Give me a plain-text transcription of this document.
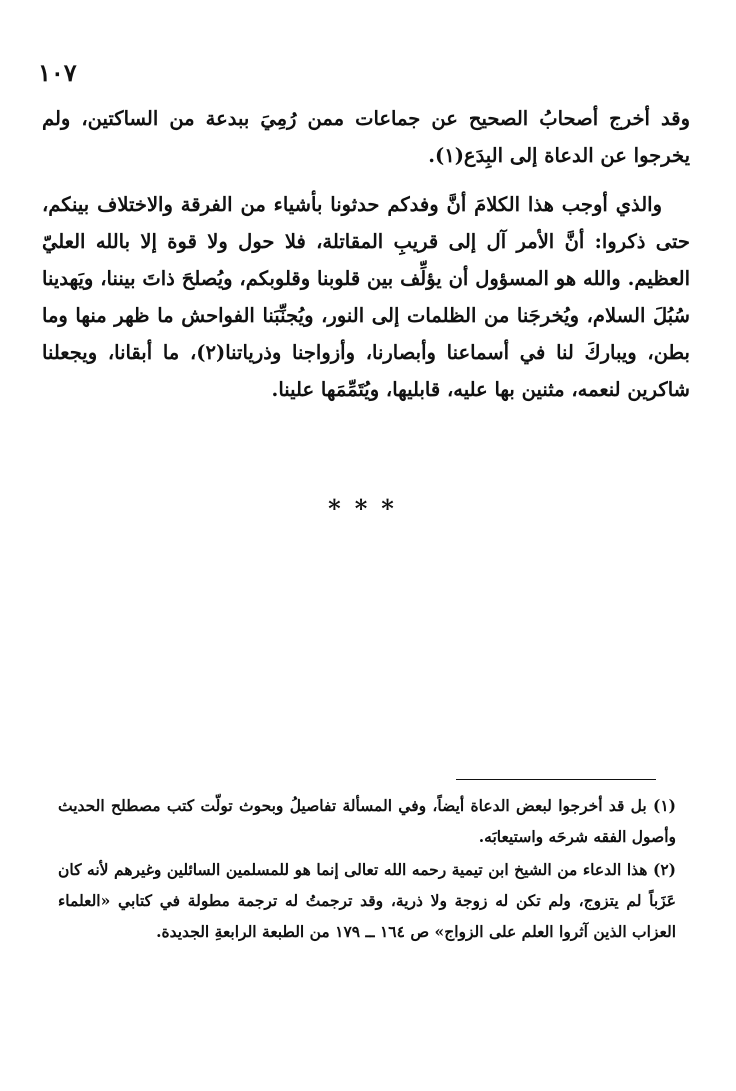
١٠٧

وقد أخرج أصحابُ الصحيح عن جماعات ممن رُمِيَ ببدعة من الساكتين، ولم يخرجوا عن الدعاة إلى البِدَع(١).

والذي أوجب هذا الكلامَ أنَّ وفدكم حدثونا بأشياء من الفرقة والاختلاف بينكم، حتى ذكروا: أنَّ الأمر آل إلى قريبِ المقاتلة، فلا حول ولا قوة إلا بالله العليّ العظيم. والله هو المسؤول أن يؤلِّف بين قلوبنا وقلوبكم، ويُصلحَ ذاتَ بيننا، ويَهدينا سُبُلَ السلام، ويُخرجَنا من الظلمات إلى النور، ويُجنِّبَنا الفواحش ما ظهر منها وما بطن، ويباركَ لنا في أسماعنا وأبصارنا، وأزواجنا وذرياتنا(٢)، ما أبقانا، ويجعلنا شاكرين لنعمه، مثنين بها عليه، قابليها، ويُتَمِّمَها علينا.

***

(١) بل قد أخرجوا لبعض الدعاة أيضاً، وفي المسألة تفاصيلُ وبحوث تولّت كتب مصطلح الحديث وأصول الفقه شرحَه واستيعابَه.

(٢) هذا الدعاء من الشيخ ابن تيمية رحمه الله تعالى إنما هو للمسلمين السائلين وغيرهم لأنه كان عَزَباً لم يتزوج، ولم تكن له زوجة ولا ذرية، وقد ترجمتُ له ترجمة مطولة في كتابي «العلماء العزاب الذين آثروا العلم على الزواج» ص ١٦٤ ــ ١٧٩ من الطبعة الرابعةِ الجديدة.
